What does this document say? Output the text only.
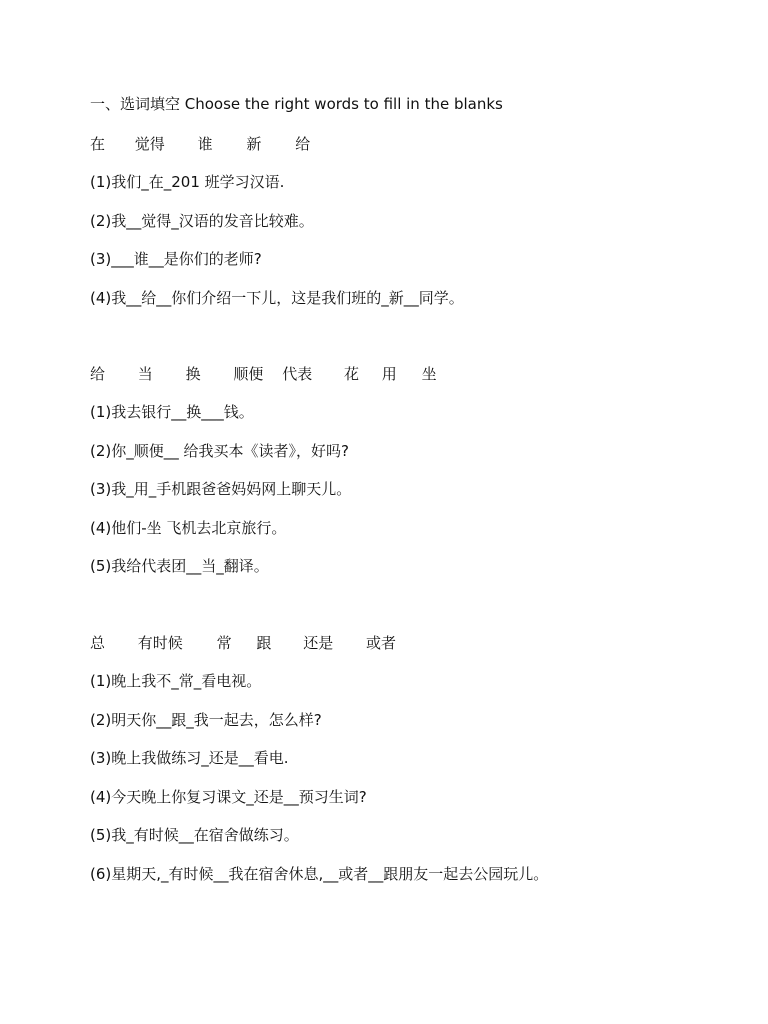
一、选词填空 Choose the right words to fill in the blanks
在 觉得 谁 新 给
(1)我们_在_201 班学习汉语.
(2)我__觉得_汉语的发音比较难。
(3)___谁__是你们的老师?
(4)我__给__你们介绍一下儿，这是我们班的_新__同学。
给 当 换 顺便 代表 花 用 坐
(1)我去银行__换___钱。
(2)你_顺便__ 给我买本《读者》，好吗?
(3)我_用_手机跟爸爸妈妈网上聊天儿。
(4)他们-坐 飞机去北京旅行。
(5)我给代表团__当_翻译。
总 有时候 常 跟 还是 或者
(1)晚上我不_常_看电视。
(2)明天你__跟_我一起去，怎么样?
(3)晚上我做练习_还是__看电.
(4)今天晚上你复习课文_还是__预习生词?
(5)我_有时候__在宿舍做练习。
(6)星期天,_有时候__我在宿舍休息,__或者__跟朋友一起去公园玩儿。
